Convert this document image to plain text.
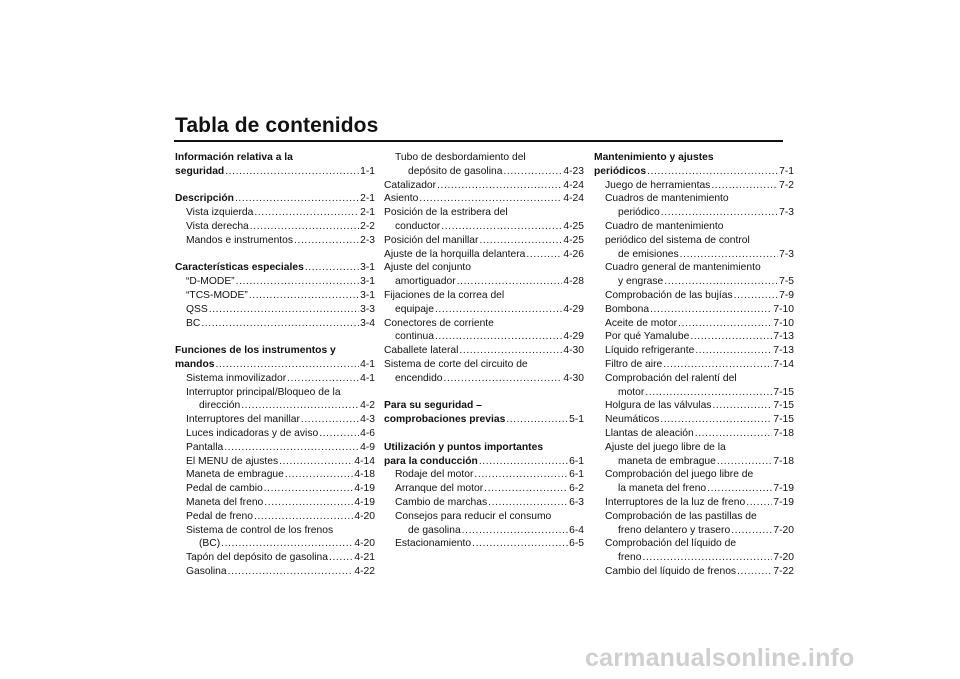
Tabla de contenidos
Información relativa a la
seguridad .....	1-1
Descripción .....	2-1
Vista izquierda .....	2-1
Vista derecha .....	2-2
Mandos e instrumentos .....	2-3
Características especiales .....	3-1
“D-MODE” .....	3-1
“TCS-MODE” .....	3-1
QSS .....	3-3
BC .....	3-4
Funciones de los instrumentos y
mandos .....	4-1
Sistema inmovilizador .....	4-1
Interruptor principal/Bloqueo de la
dirección .....	4-2
Interruptores del manillar .....	4-3
Luces indicadoras y de aviso .....	4-6
Pantalla .....	4-9
El MENU de ajustes .....	4-14
Maneta de embrague .....	4-18
Pedal de cambio .....	4-19
Maneta del freno .....	4-19
Pedal de freno .....	4-20
Sistema de control de los frenos
(BC) .....	4-20
Tapón del depósito de gasolina .....	4-21
Gasolina .....	4-22
Tubo de desbordamiento del
depósito de gasolina .....	4-23
Catalizador .....	4-24
Asiento .....	4-24
Posición de la estribera del
conductor .....	4-25
Posición del manillar .....	4-25
Ajuste de la horquilla delantera .....	4-26
Ajuste del conjunto
amortiguador .....	4-28
Fijaciones de la correa del
equipaje .....	4-29
Conectores de corriente
continua .....	4-29
Caballete lateral .....	4-30
Sistema de corte del circuito de
encendido .....	4-30
Para su seguridad –
comprobaciones previas .....	5-1
Utilización y puntos importantes
para la conducción .....	6-1
Rodaje del motor .....	6-1
Arranque del motor .....	6-2
Cambio de marchas .....	6-3
Consejos para reducir el consumo
de gasolina .....	6-4
Estacionamiento .....	6-5
Mantenimiento y ajustes
periódicos .....	7-1
Juego de herramientas .....	7-2
Cuadros de mantenimiento
periódico .....	7-3
Cuadro de mantenimiento
periódico del sistema de control
de emisiones .....	7-3
Cuadro general de mantenimiento
y engrase .....	7-5
Comprobación de las bujías .....	7-9
Bombona .....	7-10
Aceite de motor .....	7-10
Por qué Yamalube .....	7-13
Líquido refrigerante .....	7-13
Filtro de aire .....	7-14
Comprobación del ralentí del
motor .....	7-15
Holgura de las válvulas .....	7-15
Neumáticos .....	7-15
Llantas de aleación .....	7-18
Ajuste del juego libre de la
maneta de embrague .....	7-18
Comprobación del juego libre de
la maneta del freno .....	7-19
Interruptores de la luz de freno .....	7-19
Comprobación de las pastillas de
freno delantero y trasero .....	7-20
Comprobación del líquido de
freno .....	7-20
Cambio del líquido de frenos .....	7-22
carmanualsonline.info
